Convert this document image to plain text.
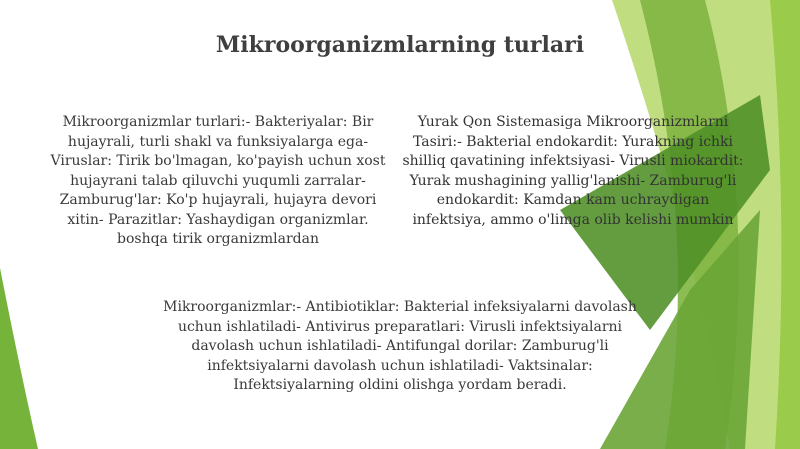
Mikroorganizmlarning turlari

Mikroorganizmlar turlari:- Bakteriyalar: Bir hujayrali, turli shakl va funksiyalarga ega- Viruslar: Tirik bo'lmagan, ko'payish uchun xost hujayrani talab qiluvchi yuqumli zarralar- Zamburug'lar: Ko'p hujayrali, hujayra devori xitin- Parazitlar: Yashaydigan organizmlar. boshqa tirik organizmlardan

Yurak Qon Sistemasiga Mikroorganizmlarni Tasiri:- Bakterial endokardit: Yurakning ichki shilliq qavatining infektsiyasi- Virusli miokardit: Yurak mushagining yallig'lanishi- Zamburug'li endokardit: Kamdan kam uchraydigan infektsiya, ammo o'limga olib kelishi mumkin

Mikroorganizmlar:- Antibiotiklar: Bakterial infeksiyalarni davolash uchun ishlatiladi- Antivirus preparatlari: Virusli infektsiyalarni davolash uchun ishlatiladi- Antifungal dorilar: Zamburug'li infektsiyalarni davolash uchun ishlatiladi- Vaktsinalar: Infektsiyalarning oldini olishga yordam beradi.
